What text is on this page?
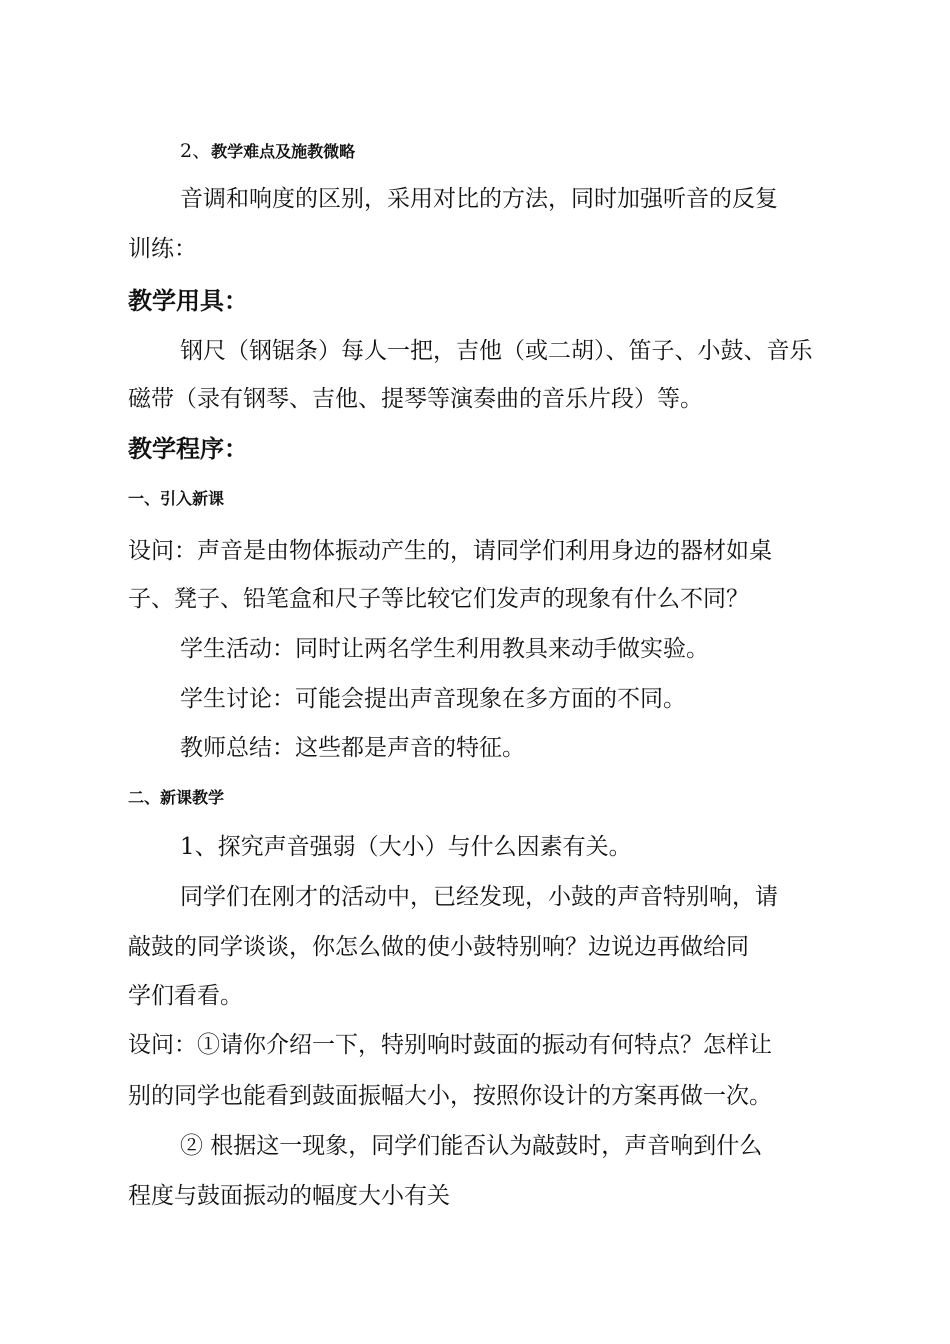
2、教学难点及施教微略
音调和响度的区别，采用对比的方法，同时加强听音的反复
训练：
教学用具：
钢尺（钢锯条）每人一把，吉他（或二胡）、笛子、小鼓、音乐
磁带（录有钢琴、吉他、提琴等演奏曲的音乐片段）等。
教学程序：
一、引入新课
设问：声音是由物体振动产生的，请同学们利用身边的器材如桌
子、凳子、铅笔盒和尺子等比较它们发声的现象有什么不同？
学生活动：同时让两名学生利用教具来动手做实验。
学生讨论：可能会提出声音现象在多方面的不同。
教师总结：这些都是声音的特征。
二、新课教学
1、探究声音强弱（大小）与什么因素有关。
同学们在刚才的活动中，已经发现，小鼓的声音特别响，请
敲鼓的同学谈谈，你怎么做的使小鼓特别响？边说边再做给同
学们看看。
设问：①请你介绍一下，特别响时鼓面的振动有何特点？怎样让
别的同学也能看到鼓面振幅大小，按照你设计的方案再做一次。
② 根据这一现象，同学们能否认为敲鼓时，声音响到什么
程度与鼓面振动的幅度大小有关
